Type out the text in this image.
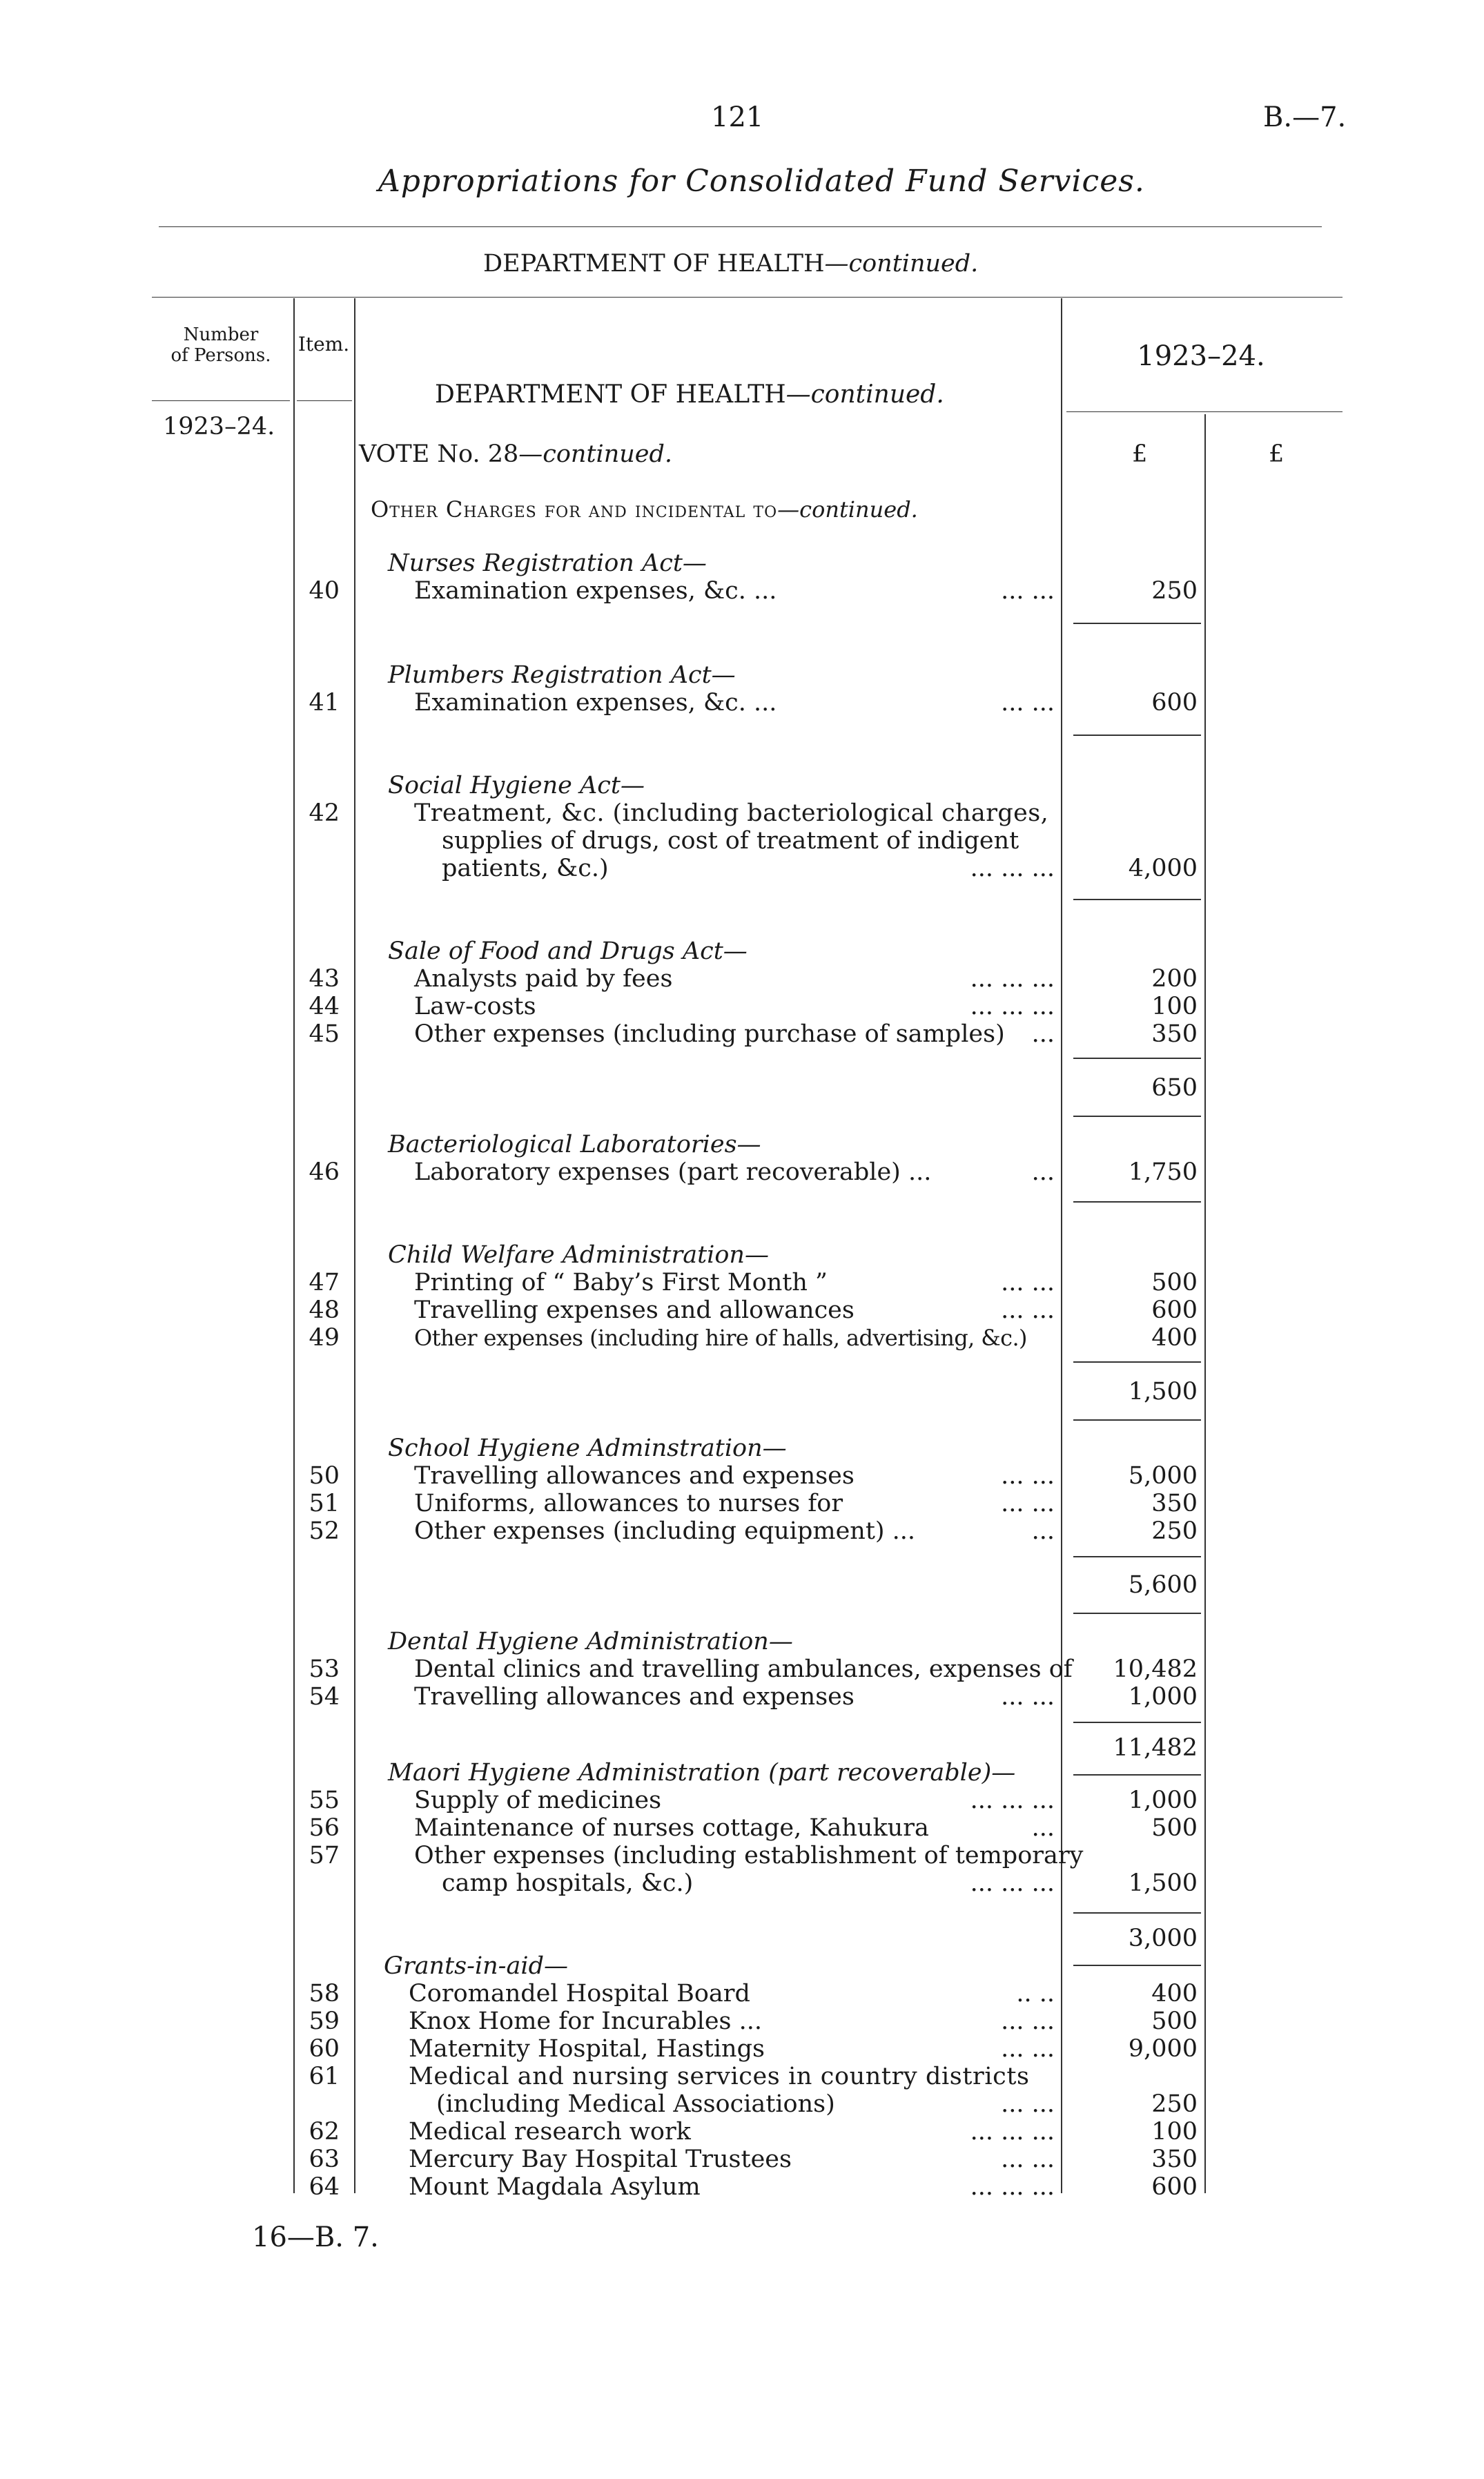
121	B.—7.
Appropriations for Consolidated Fund Services.
DEPARTMENT OF HEALTH—continued.
Number
of Persons.	Item.	1923–24.
1923–24.
£	£
DEPARTMENT OF HEALTH—continued.
VOTE No. 28—continued.
Other Charges for and incidental to—continued.
Nurses Registration Act—
40	Examination expenses, &c. ...	... ...	250
Plumbers Registration Act—
41	Examination expenses, &c. ...	... ...	600
Social Hygiene Act—
42	Treatment, &c. (including bacteriological charges,
supplies of drugs, cost of treatment of indigent
patients, &c.)	... ... ...	4,000
Sale of Food and Drugs Act—
43	Analysts paid by fees	... ... ...	200
44	Law-costs	... ... ...	100
45	Other expenses (including purchase of samples)	...	350
650
Bacteriological Laboratories—
46	Laboratory expenses (part recoverable) ...	...	1,750
Child Welfare Administration—
47	Printing of “ Baby’s First Month ”	... ...	500
48	Travelling expenses and allowances	... ...	600
49	Other expenses (including hire of halls, advertising, &c.)	400
1,500
School Hygiene Adminstration—
50	Travelling allowances and expenses	... ...	5,000
51	Uniforms, allowances to nurses for	... ...	350
52	Other expenses (including equipment) ...	...	250
5,600
Dental Hygiene Administration—
53	Dental clinics and travelling ambulances, expenses of	10,482
54	Travelling allowances and expenses	... ...	1,000
11,482
Maori Hygiene Administration (part recoverable)—
55	Supply of medicines	... ... ...	1,000
56	Maintenance of nurses cottage, Kahukura	...	500
57	Other expenses (including establishment of temporary
camp hospitals, &c.)	... ... ...	1,500
3,000
Grants-in-aid—
58	Coromandel Hospital Board	.. ..	400
59	Knox Home for Incurables ...	... ...	500
60	Maternity Hospital, Hastings	... ...	9,000
61	Medical and nursing services in country districts
(including Medical Associations)	... ...	250
62	Medical research work	... ... ...	100
63	Mercury Bay Hospital Trustees	... ...	350
64	Mount Magdala Asylum	... ... ...	600
16—B. 7.
